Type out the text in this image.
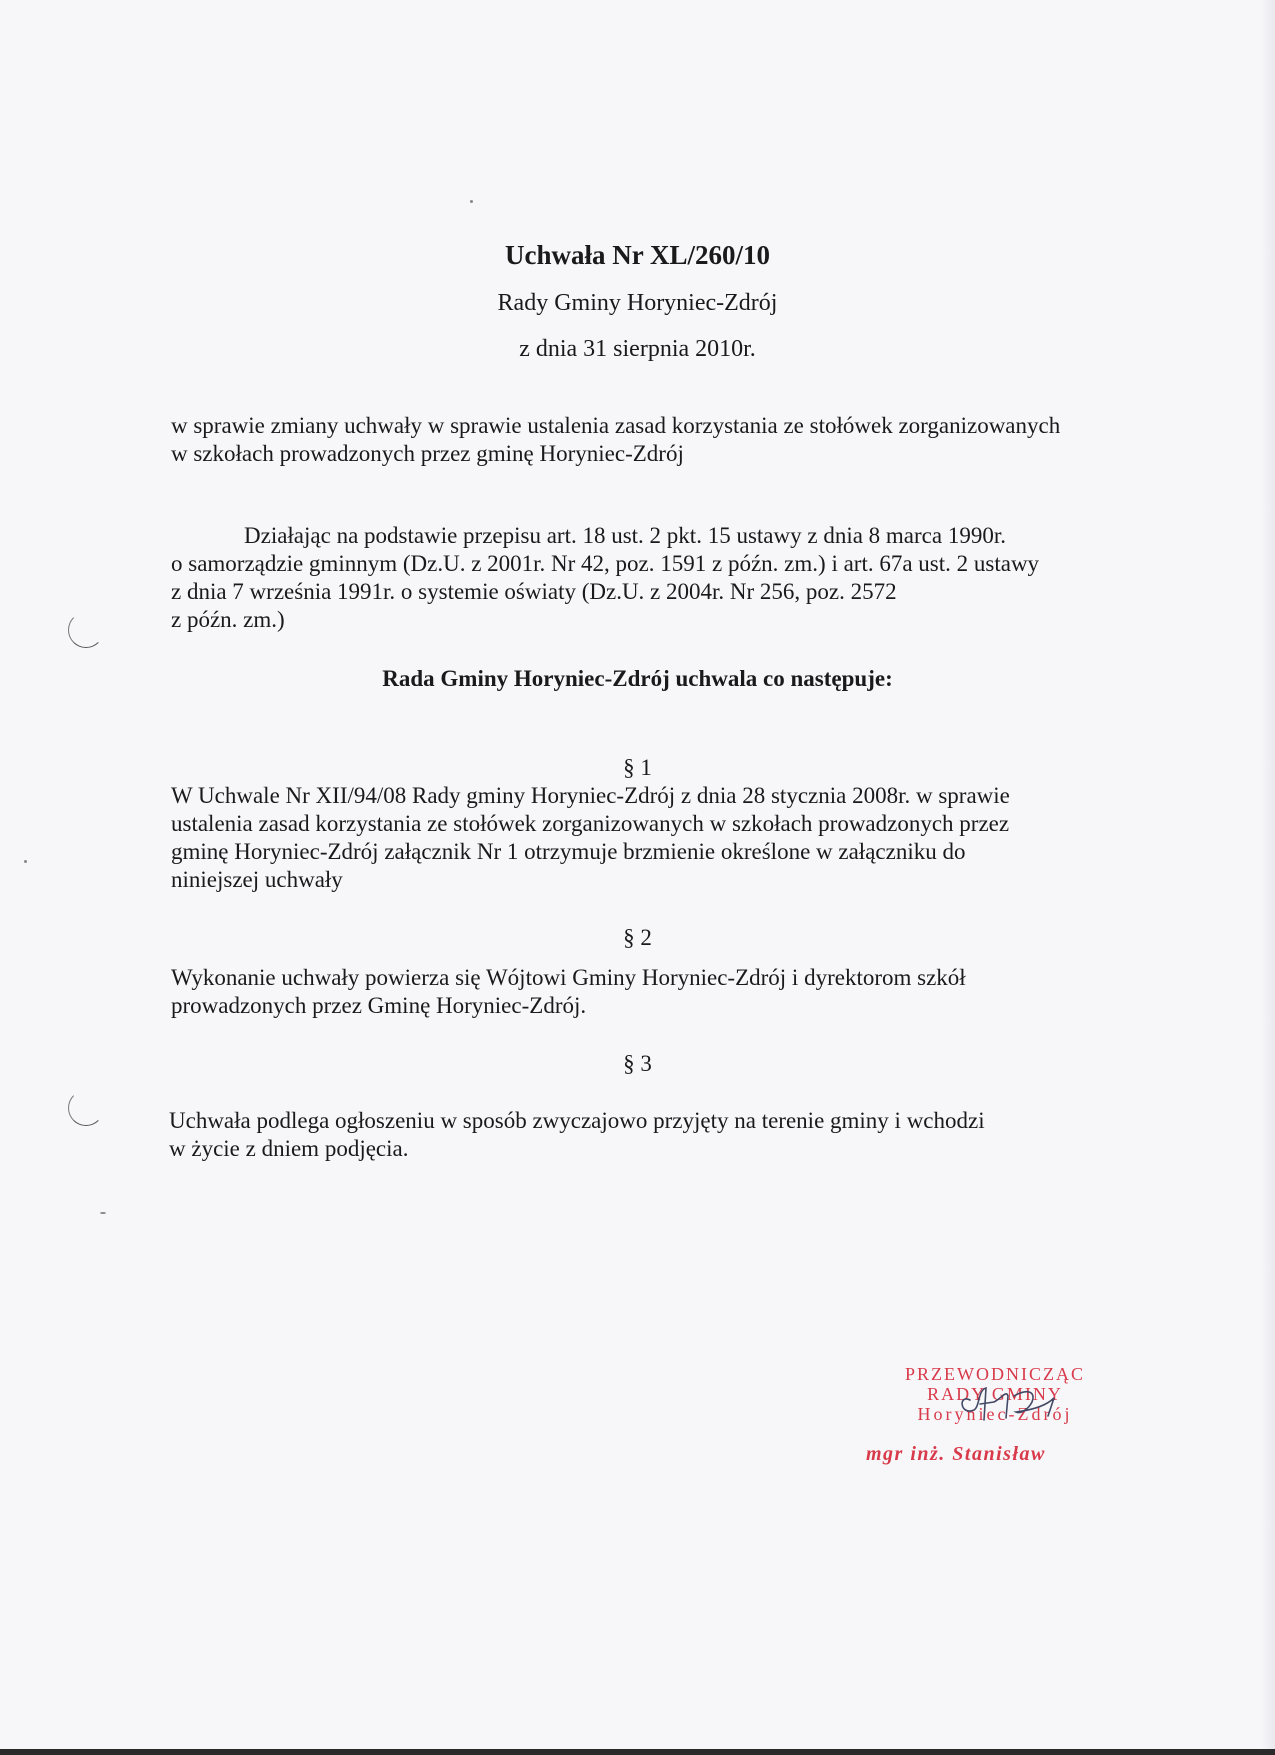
Uchwała Nr XL/260/10
Rady Gminy Horyniec-Zdrój
z dnia 31 sierpnia 2010r.
w sprawie zmiany uchwały w sprawie ustalenia zasad korzystania ze stołówek zorganizowanych
w szkołach prowadzonych przez gminę Horyniec-Zdrój
Działając na podstawie przepisu art. 18 ust. 2 pkt. 15 ustawy z dnia 8 marca 1990r.
o samorządzie gminnym (Dz.U. z 2001r. Nr 42, poz. 1591 z późn. zm.) i art. 67a ust. 2 ustawy
z dnia 7 września 1991r. o systemie oświaty (Dz.U. z 2004r. Nr 256, poz. 2572
z późn. zm.)
Rada Gminy Horyniec-Zdrój uchwala co następuje:
§ 1
W Uchwale Nr XII/94/08 Rady gminy Horyniec-Zdrój z dnia 28 stycznia 2008r. w sprawie
ustalenia zasad korzystania ze stołówek zorganizowanych w szkołach prowadzonych przez
gminę Horyniec-Zdrój załącznik Nr 1 otrzymuje brzmienie określone w załączniku do
niniejszej uchwały
§ 2
Wykonanie uchwały powierza się Wójtowi Gminy Horyniec-Zdrój i dyrektorom szkół
prowadzonych przez Gminę Horyniec-Zdrój.
§ 3
Uchwała podlega ogłoszeniu w sposób zwyczajowo przyjęty na terenie gminy i wchodzi
w życie z dniem podjęcia.
PRZEWODNICZĄC
RADY GMINY
Horyniec-Zdrój
mgr inż. Stanisław
